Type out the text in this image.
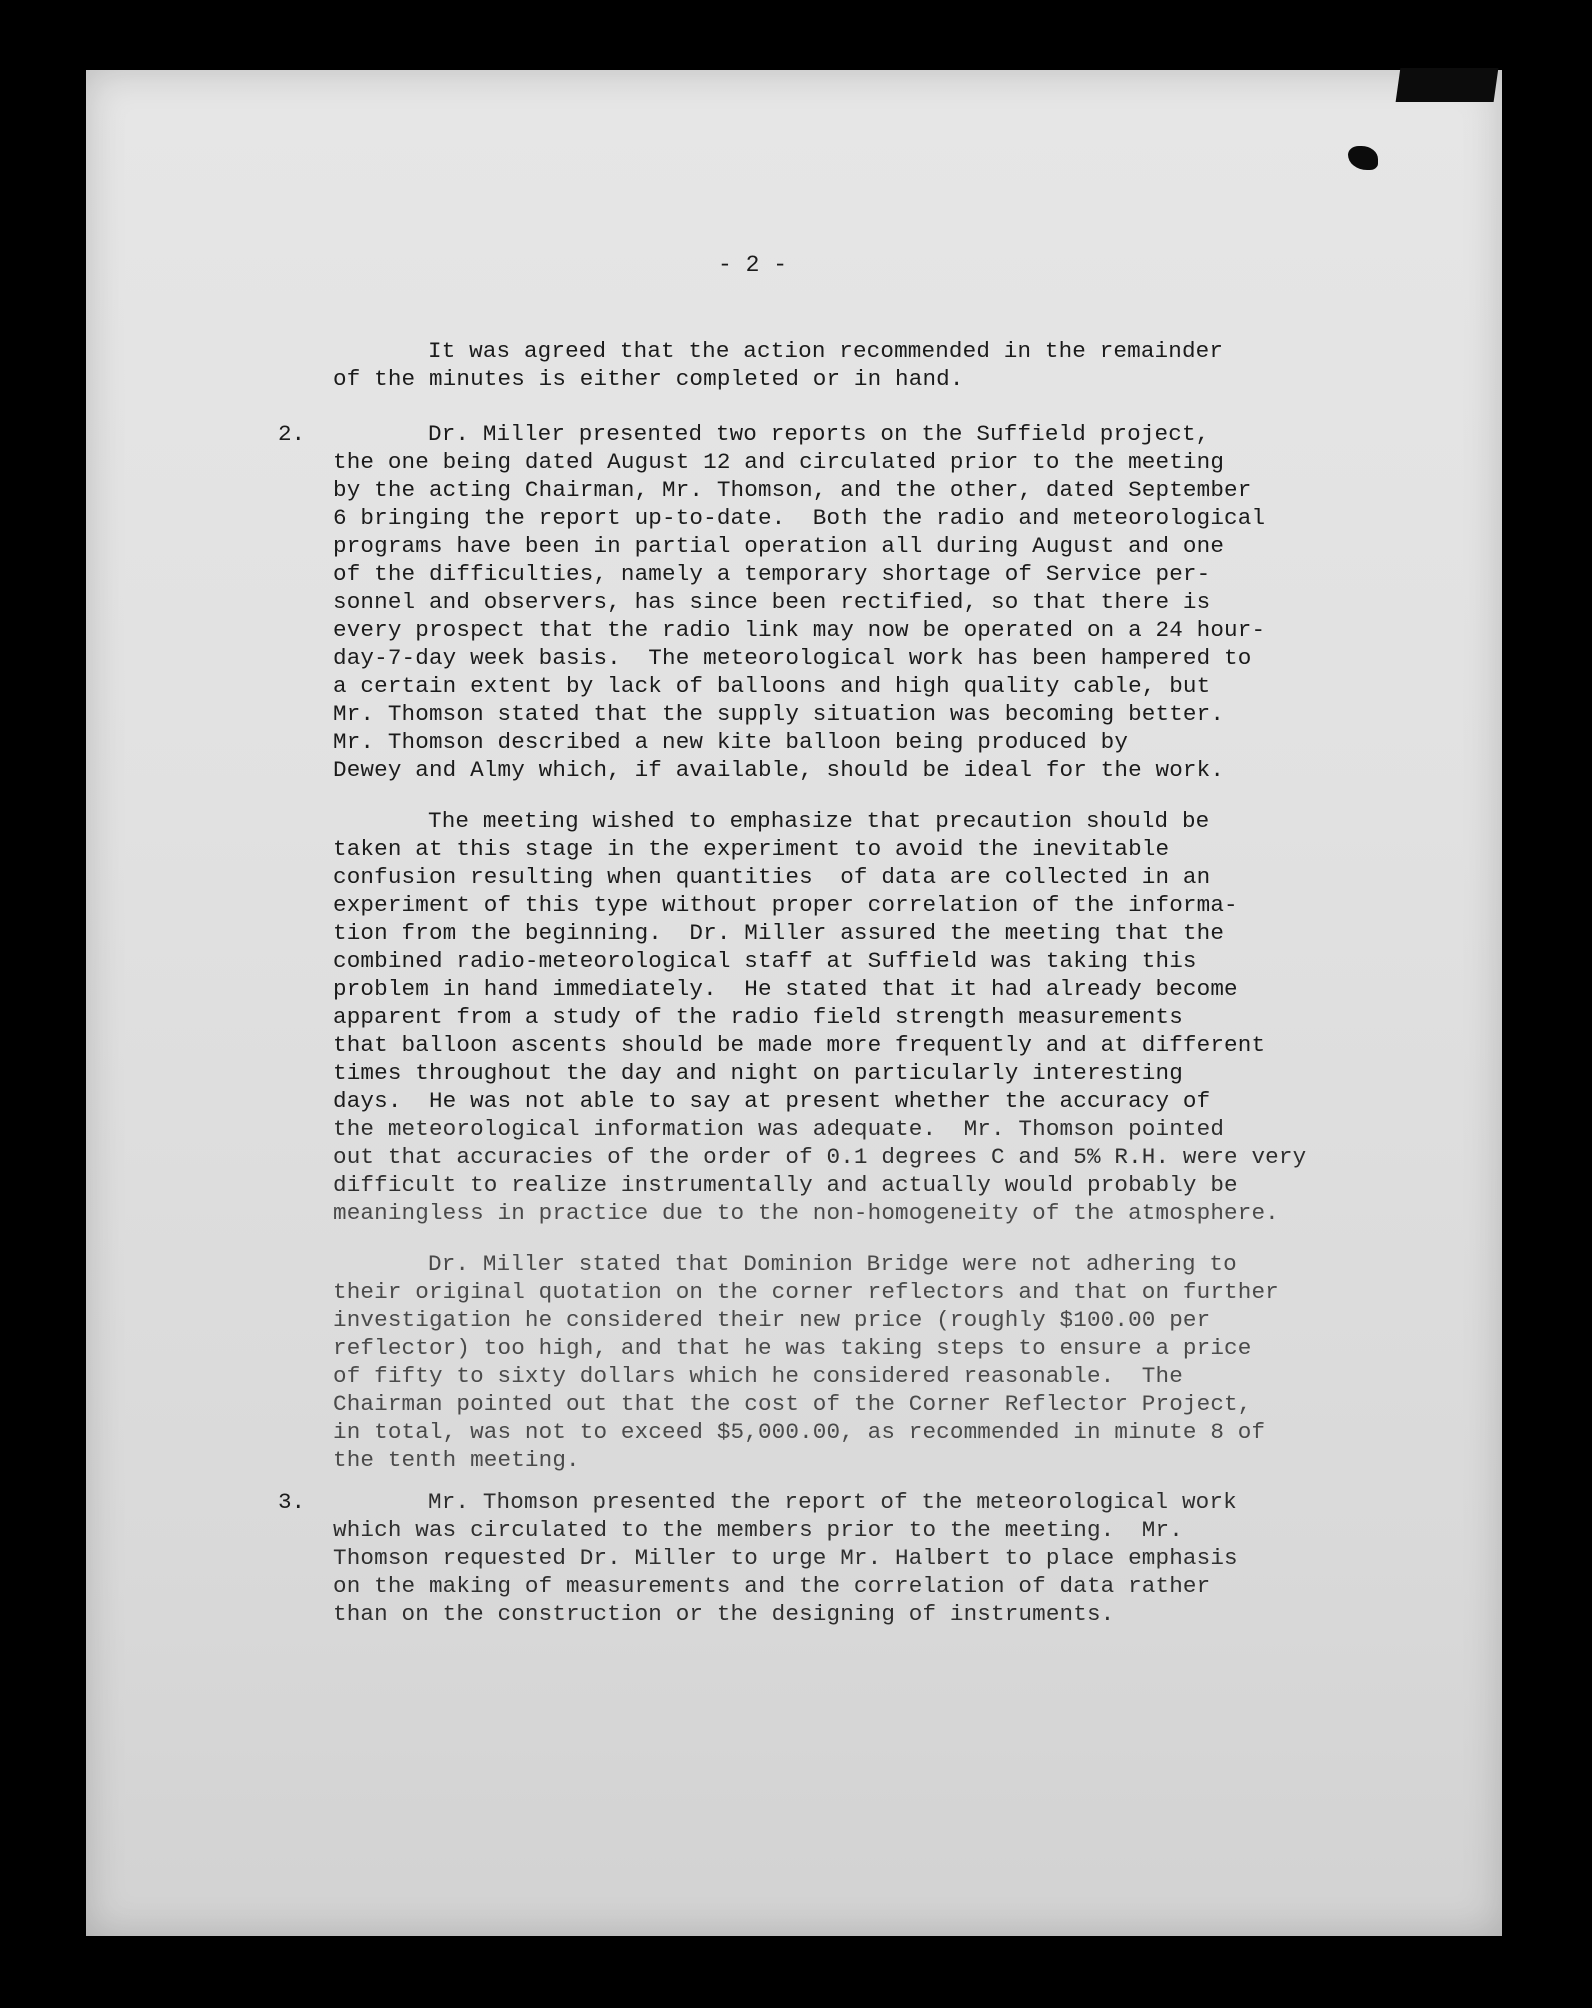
- 2 -
It was agreed that the action recommended in the remainder
of the minutes is either completed or in hand.
2.	Dr. Miller presented two reports on the Suffield project,
the one being dated August 12 and circulated prior to the meeting
by the acting Chairman, Mr. Thomson, and the other, dated September
6 bringing the report up-to-date.  Both the radio and meteorological
programs have been in partial operation all during August and one
of the difficulties, namely a temporary shortage of Service per-
sonnel and observers, has since been rectified, so that there is
every prospect that the radio link may now be operated on a 24 hour-
day-7-day week basis.  The meteorological work has been hampered to
a certain extent by lack of balloons and high quality cable, but
Mr. Thomson stated that the supply situation was becoming better.
Mr. Thomson described a new kite balloon being produced by
Dewey and Almy which, if available, should be ideal for the work.
The meeting wished to emphasize that precaution should be
taken at this stage in the experiment to avoid the inevitable
confusion resulting when quantities  of data are collected in an
experiment of this type without proper correlation of the informa-
tion from the beginning.  Dr. Miller assured the meeting that the
combined radio-meteorological staff at Suffield was taking this
problem in hand immediately.  He stated that it had already become
apparent from a study of the radio field strength measurements
that balloon ascents should be made more frequently and at different
times throughout the day and night on particularly interesting
days.  He was not able to say at present whether the accuracy of
the meteorological information was adequate.  Mr. Thomson pointed
out that accuracies of the order of 0.1 degrees C and 5% R.H. were very
difficult to realize instrumentally and actually would probably be
meaningless in practice due to the non-homogeneity of the atmosphere.
Dr. Miller stated that Dominion Bridge were not adhering to
their original quotation on the corner reflectors and that on further
investigation he considered their new price (roughly $100.00 per
reflector) too high, and that he was taking steps to ensure a price
of fifty to sixty dollars which he considered reasonable.  The
Chairman pointed out that the cost of the Corner Reflector Project,
in total, was not to exceed $5,000.00, as recommended in minute 8 of
the tenth meeting.
3.	Mr. Thomson presented the report of the meteorological work
which was circulated to the members prior to the meeting.  Mr.
Thomson requested Dr. Miller to urge Mr. Halbert to place emphasis
on the making of measurements and the correlation of data rather
than on the construction or the designing of instruments.
